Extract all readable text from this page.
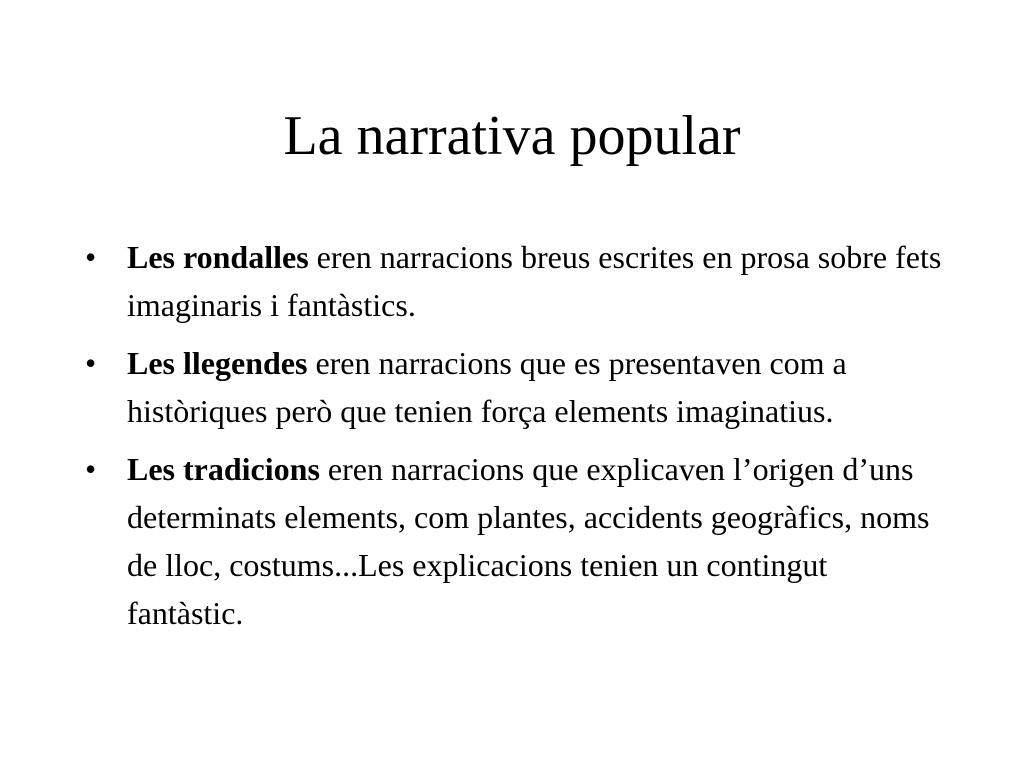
La narrativa popular
• Les rondalles eren narracions breus escrites en prosa sobre fets imaginaris i fantàstics.
• Les llegendes eren narracions que es presentaven com a històriques però que tenien força elements imaginatius.
• Les tradicions eren narracions que explicaven l’origen d’uns determinats elements, com plantes, accidents geogràfics, noms de lloc, costums...Les explicacions tenien un contingut fantàstic.
